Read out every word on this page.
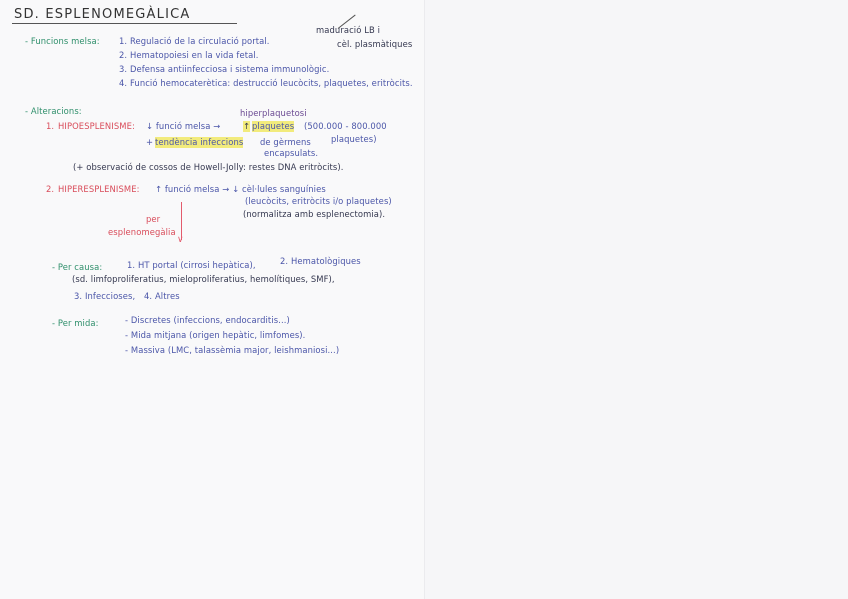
SD. ESPLENOMEGÀLICA
- Funcions melsa: 1. Regulació de la circulació portal.
2. Hematopoiesi en la vida fetal.
3. Defensa antiinfecciosa i sistema immunològic.
4. Funció hemocaterètica: destrucció leucòcits, plaquetes, eritròcits.
maduració LB i
cèl. plasmàtiques
- Alteracions:	hiperplaquetosi
1. HIPOESPLENISME: ↓ funció melsa →	↑ plaquetes (500.000 - 800.000
plaquetes)
+ tendència infeccions de gèrmens
encapsulats.
(+ observació de cossos de Howell-Jolly: restes DNA eritròcits).
2. HIPERESPLENISME: ↑ funció melsa → ↓ cèl·lules sanguínies
(leucòcits, eritròcits i/o plaquetes)
(normalitza amb esplenectomia).
∨
per
esplenomegàlia
- Per causa:	1. HT portal (cirrosi hepàtica),	2. Hematològiques
(sd. limfoproliferatius, mieloproliferatius, hemolítiques, SMF),
3. Infeccioses, 4. Altres
- Per mida:	- Discretes (infeccions, endocarditis...)
- Mida mitjana (origen hepàtic, limfomes).
- Massiva (LMC, talassèmia major, leishmaniosi...)
